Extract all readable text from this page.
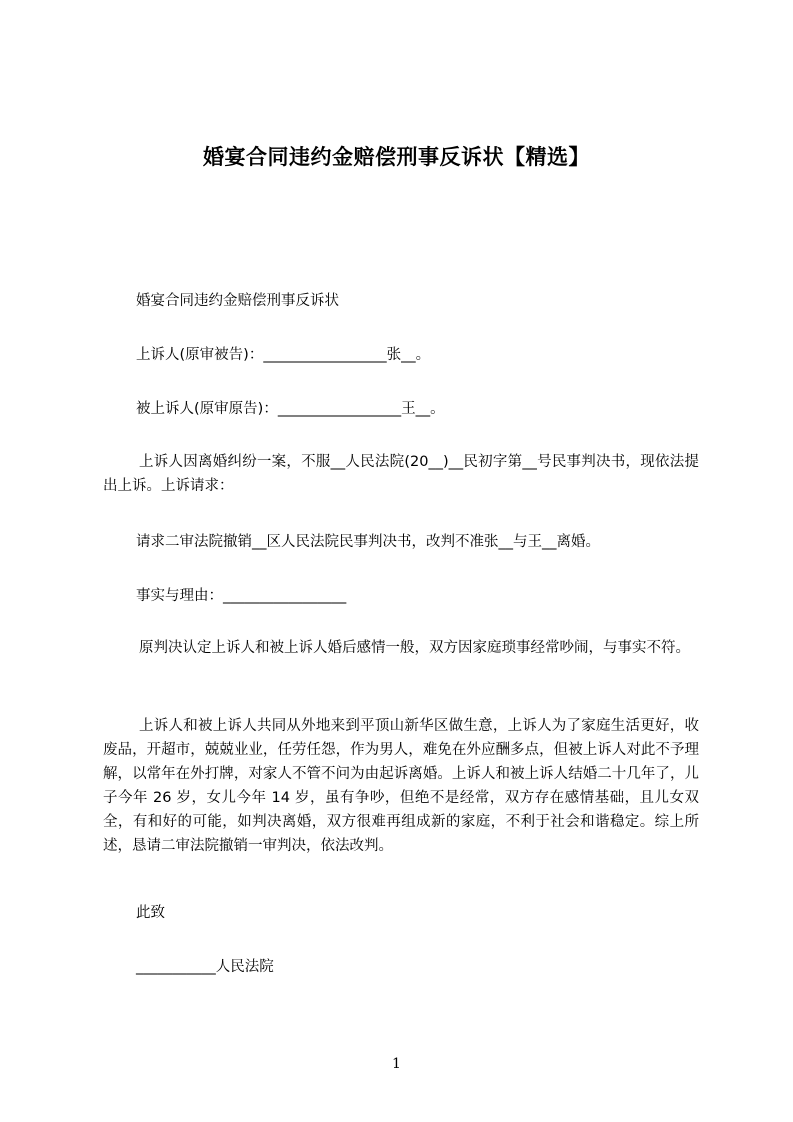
婚宴合同违约金赔偿刑事反诉状【精选】
婚宴合同违约金赔偿刑事反诉状
上诉人(原审被告)：_________________张__。
被上诉人(原审原告)：_________________王__。
上诉人因离婚纠纷一案，不服__人民法院(20__)__民初字第__号民事判决书，现依法提出上诉。上诉请求：
请求二审法院撤销__区人民法院民事判决书，改判不准张__与王__离婚。
事实与理由：_________________
原判决认定上诉人和被上诉人婚后感情一般，双方因家庭琐事经常吵闹，与事实不符。
上诉人和被上诉人共同从外地来到平顶山新华区做生意，上诉人为了家庭生活更好，收废品，开超市，兢兢业业，任劳任怨，作为男人，难免在外应酬多点，但被上诉人对此不予理解，以常年在外打牌，对家人不管不问为由起诉离婚。上诉人和被上诉人结婚二十几年了，儿子今年 26 岁，女儿今年 14 岁，虽有争吵，但绝不是经常，双方存在感情基础，且儿女双全，有和好的可能，如判决离婚，双方很难再组成新的家庭，不利于社会和谐稳定。综上所述，恳请二审法院撤销一审判决，依法改判。
此致
___________人民法院
1
